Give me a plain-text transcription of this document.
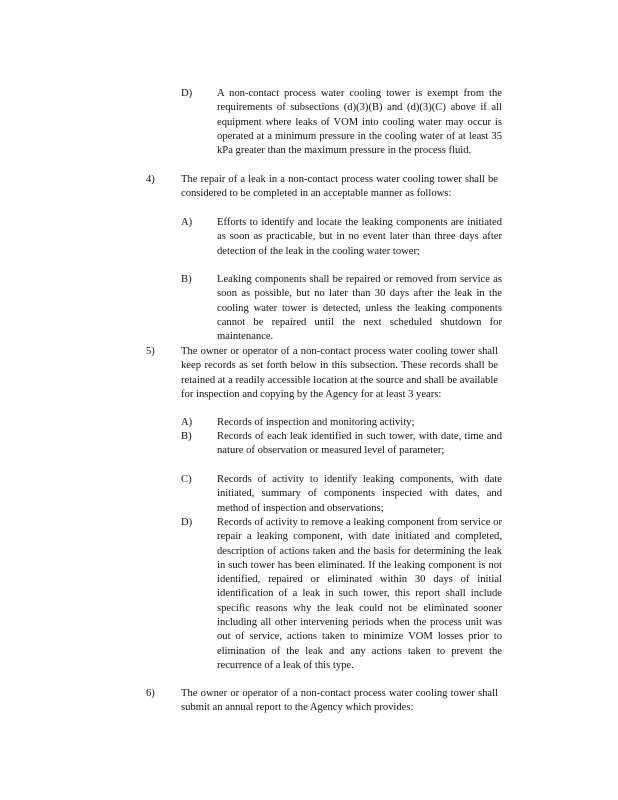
D)	A non-contact process water cooling tower is exempt from the requirements of subsections (d)(3)(B) and (d)(3)(C) above if all equipment where leaks of VOM into cooling water may occur is operated at a minimum pressure in the cooling water of at least 35 kPa greater than the maximum pressure in the process fluid.
4)	The repair of a leak in a non-contact process water cooling tower shall be considered to be completed in an acceptable manner as follows:
A)	Efforts to identify and locate the leaking components are initiated as soon as practicable, but in no event later than three days after detection of the leak in the cooling water tower;
B)	Leaking components shall be repaired or removed from service as soon as possible, but no later than 30 days after the leak in the cooling water tower is detected, unless the leaking components cannot be repaired until the next scheduled shutdown for maintenance.
5)	The owner or operator of a non-contact process water cooling tower shall keep records as set forth below in this subsection. These records shall be retained at a readily accessible location at the source and shall be available for inspection and copying by the Agency for at least 3 years:
A)	Records of inspection and monitoring activity;
B)	Records of each leak identified in such tower, with date, time and nature of observation or measured level of parameter;
C)	Records of activity to identify leaking components, with date initiated, summary of components inspected with dates, and method of inspection and observations;
D)	Records of activity to remove a leaking component from service or repair a leaking component, with date initiated and completed, description of actions taken and the basis for determining the leak in such tower has been eliminated. If the leaking component is not identified, repaired or eliminated within 30 days of initial identification of a leak in such tower, this report shall include specific reasons why the leak could not be eliminated sooner including all other intervening periods when the process unit was out of service, actions taken to minimize VOM losses prior to elimination of the leak and any actions taken to prevent the recurrence of a leak of this type.
6)	The owner or operator of a non-contact process water cooling tower shall submit an annual report to the Agency which provides:
